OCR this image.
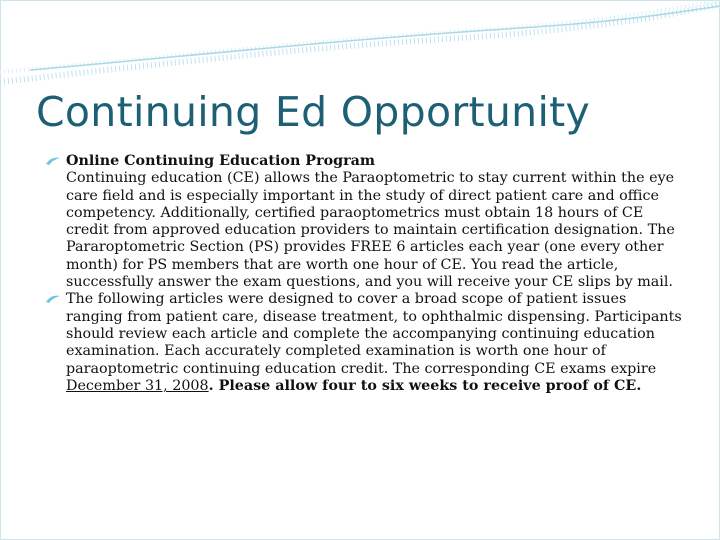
Continuing Ed Opportunity

Online Continuing Education Program
Continuing education (CE) allows the Paraoptometric to stay current within the eye care field and is especially important in the study of direct patient care and office competency. Additionally, certified paraoptometrics must obtain 18 hours of CE credit from approved education providers to maintain certification designation. The Pararoptometric Section (PS) provides FREE 6 articles each year (one every other month) for PS members that are worth one hour of CE. You read the article, successfully answer the exam questions, and you will receive your CE slips by mail.

The following articles were designed to cover a broad scope of patient issues ranging from patient care, disease treatment, to ophthalmic dispensing. Participants should review each article and complete the accompanying continuing education examination. Each accurately completed examination is worth one hour of paraoptometric continuing education credit. The corresponding CE exams expire December 31, 2008. Please allow four to six weeks to receive proof of CE.
